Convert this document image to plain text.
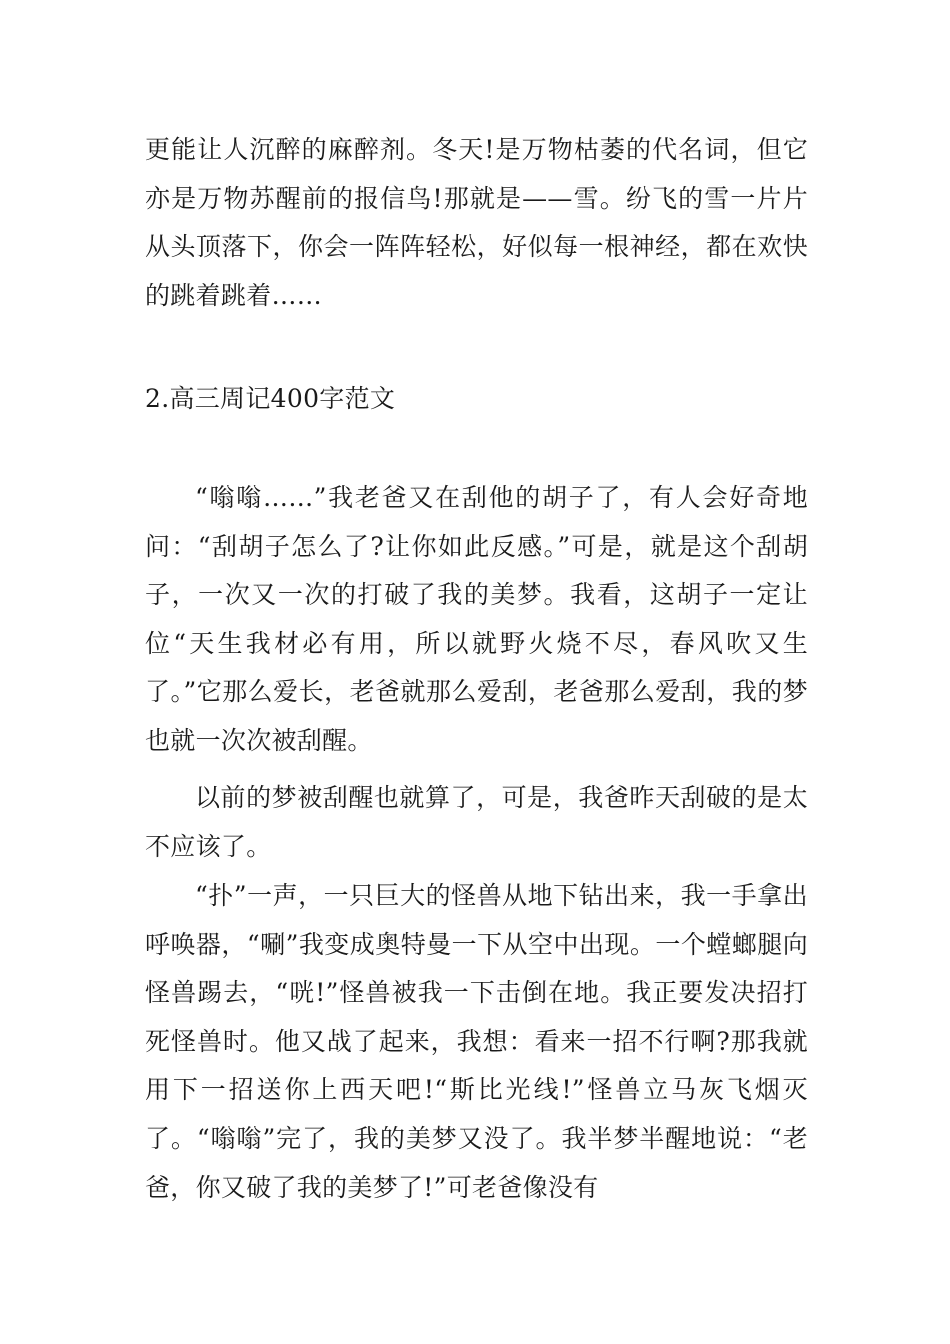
更能让人沉醉的麻醉剂。冬天!是万物枯萎的代名词，但它亦是万物苏醒前的报信鸟!那就是——雪。纷飞的雪一片片从头顶落下，你会一阵阵轻松，好似每一根神经，都在欢快的跳着跳着……

2.高三周记400字范文

“嗡嗡……”我老爸又在刮他的胡子了，有人会好奇地问：“刮胡子怎么了?让你如此反感。”可是，就是这个刮胡子，一次又一次的打破了我的美梦。我看，这胡子一定让位“天生我材必有用，所以就野火烧不尽，春风吹又生了。”它那么爱长，老爸就那么爱刮，老爸那么爱刮，我的梦也就一次次被刮醒。

以前的梦被刮醒也就算了，可是，我爸昨天刮破的是太不应该了。

“扑”一声，一只巨大的怪兽从地下钻出来，我一手拿出呼唤器，“唰”我变成奥特曼一下从空中出现。一个螳螂腿向怪兽踢去，“咣!”怪兽被我一下击倒在地。我正要发决招打死怪兽时。他又战了起来，我想：看来一招不行啊?那我就用下一招送你上西天吧!“斯比光线!”怪兽立马灰飞烟灭了。“嗡嗡”完了，我的美梦又没了。我半梦半醒地说：“老爸，你又破了我的美梦了!”可老爸像没有
